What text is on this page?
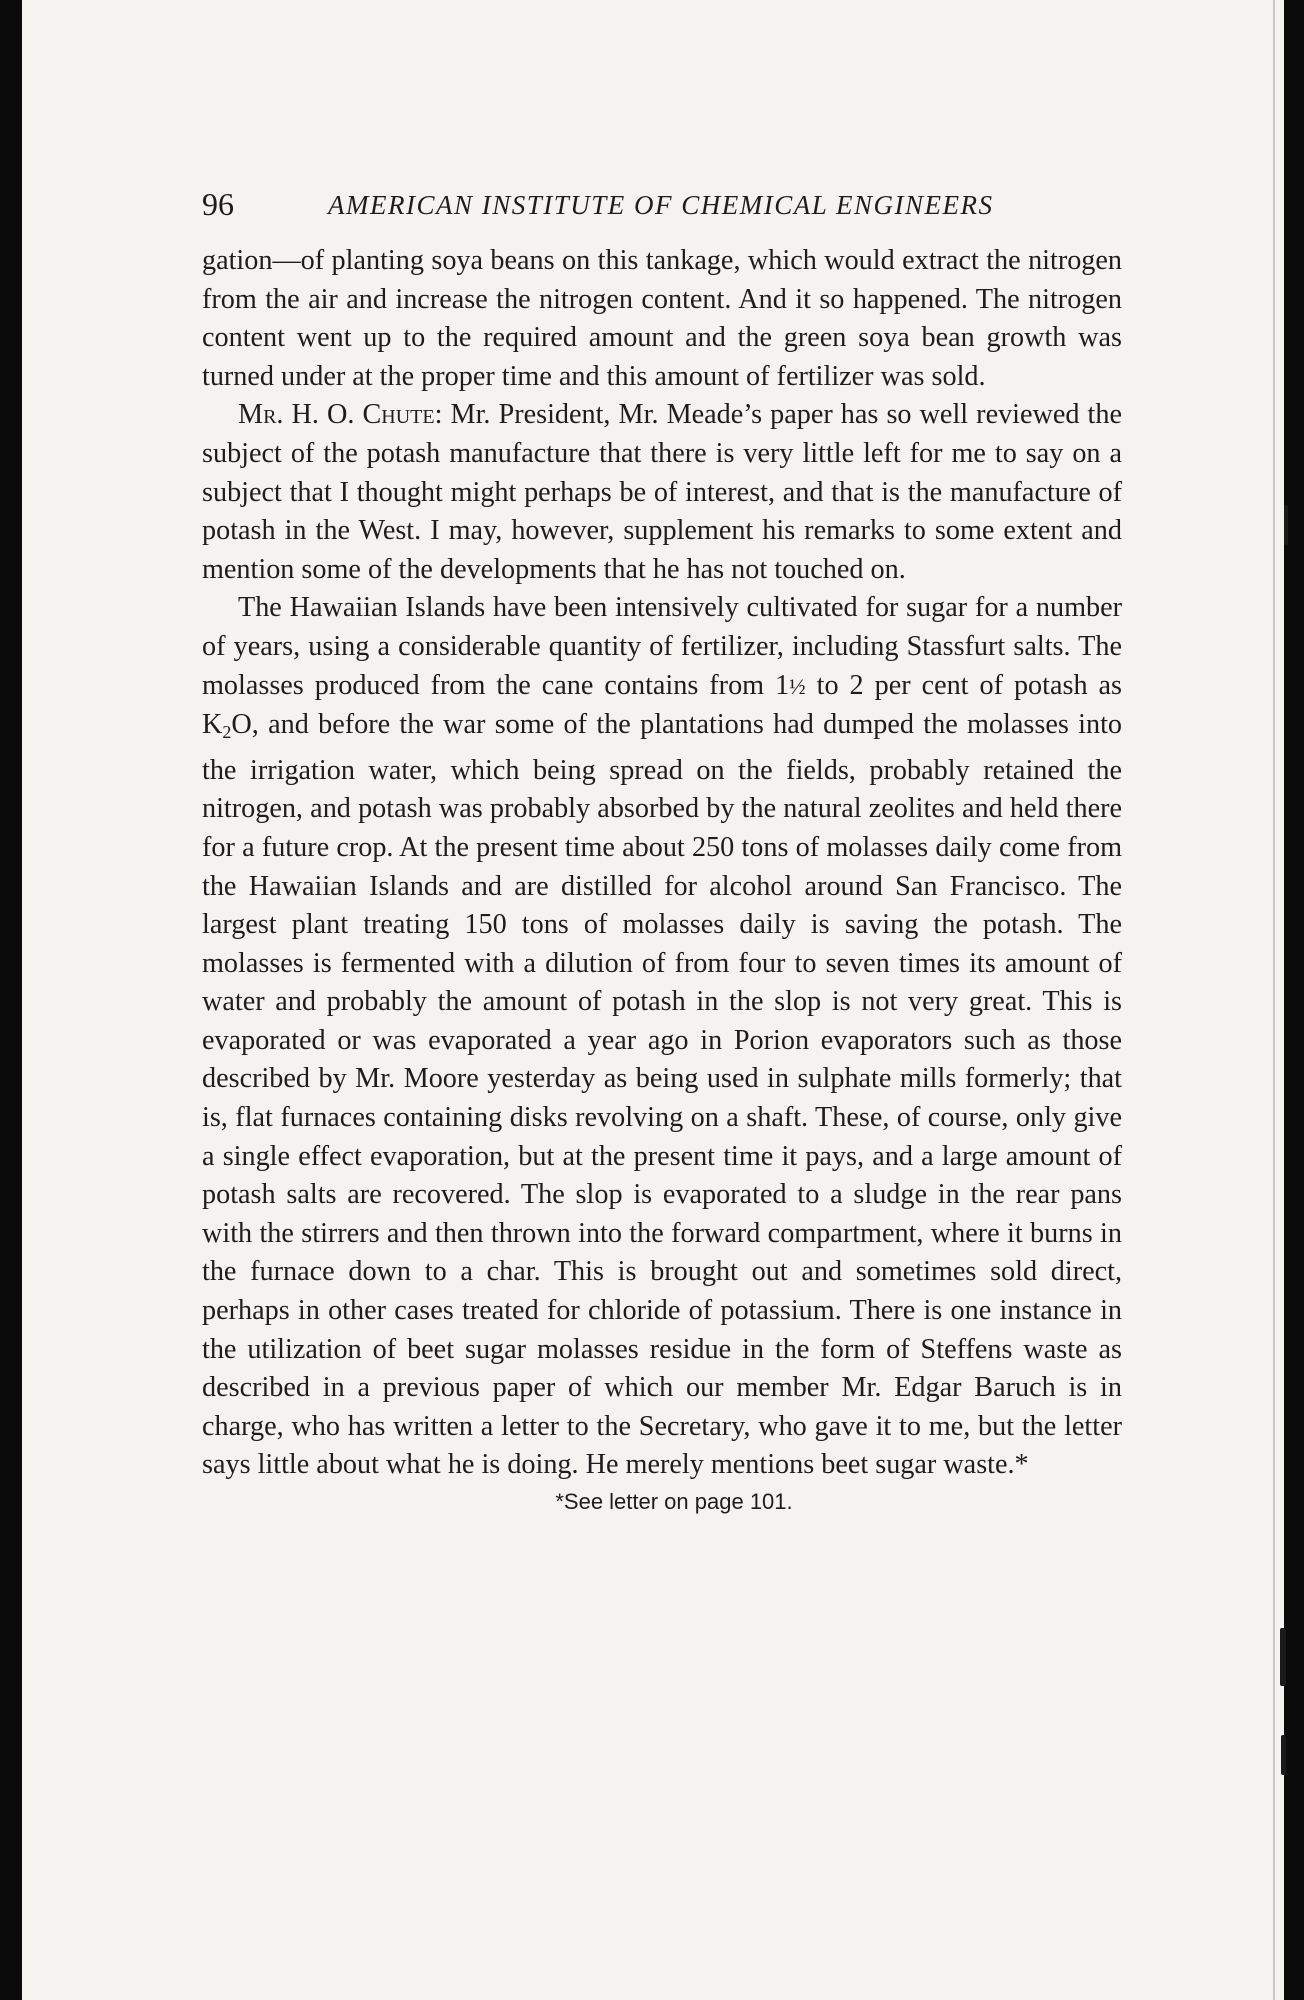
96	AMERICAN INSTITUTE OF CHEMICAL ENGINEERS

gation—of planting soya beans on this tankage, which would extract the nitrogen from the air and increase the nitrogen content. And it so happened. The nitrogen content went up to the required amount and the green soya bean growth was turned under at the proper time and this amount of fertilizer was sold.

Mr. H. O. Chute: Mr. President, Mr. Meade’s paper has so well reviewed the subject of the potash manufacture that there is very little left for me to say on a subject that I thought might perhaps be of interest, and that is the manufacture of potash in the West. I may, however, supplement his remarks to some extent and mention some of the developments that he has not touched on.

The Hawaiian Islands have been intensively cultivated for sugar for a number of years, using a considerable quantity of fertilizer, including Stassfurt salts. The molasses produced from the cane contains from 1½ to 2 per cent of potash as $K_2O$, and before the war some of the plantations had dumped the molasses into the irrigation water, which being spread on the fields, probably retained the nitrogen, and potash was probably absorbed by the natural zeolites and held there for a future crop. At the present time about 250 tons of molasses daily come from the Hawaiian Islands and are distilled for alcohol around San Francisco. The largest plant treating 150 tons of molasses daily is saving the potash. The molasses is fermented with a dilution of from four to seven times its amount of water and probably the amount of potash in the slop is not very great. This is evaporated or was evaporated a year ago in Porion evaporators such as those described by Mr. Moore yesterday as being used in sulphate mills formerly; that is, flat furnaces containing disks revolving on a shaft. These, of course, only give a single effect evaporation, but at the present time it pays, and a large amount of potash salts are recovered. The slop is evaporated to a sludge in the rear pans with the stirrers and then thrown into the forward compartment, where it burns in the furnace down to a char. This is brought out and sometimes sold direct, perhaps in other cases treated for chloride of potassium. There is one instance in the utilization of beet sugar molasses residue in the form of Steffens waste as described in a previous paper of which our member Mr. Edgar Baruch is in charge, who has written a letter to the Secretary, who gave it to me, but the letter says little about what he is doing. He merely mentions beet sugar waste.*

*See letter on page 101.
